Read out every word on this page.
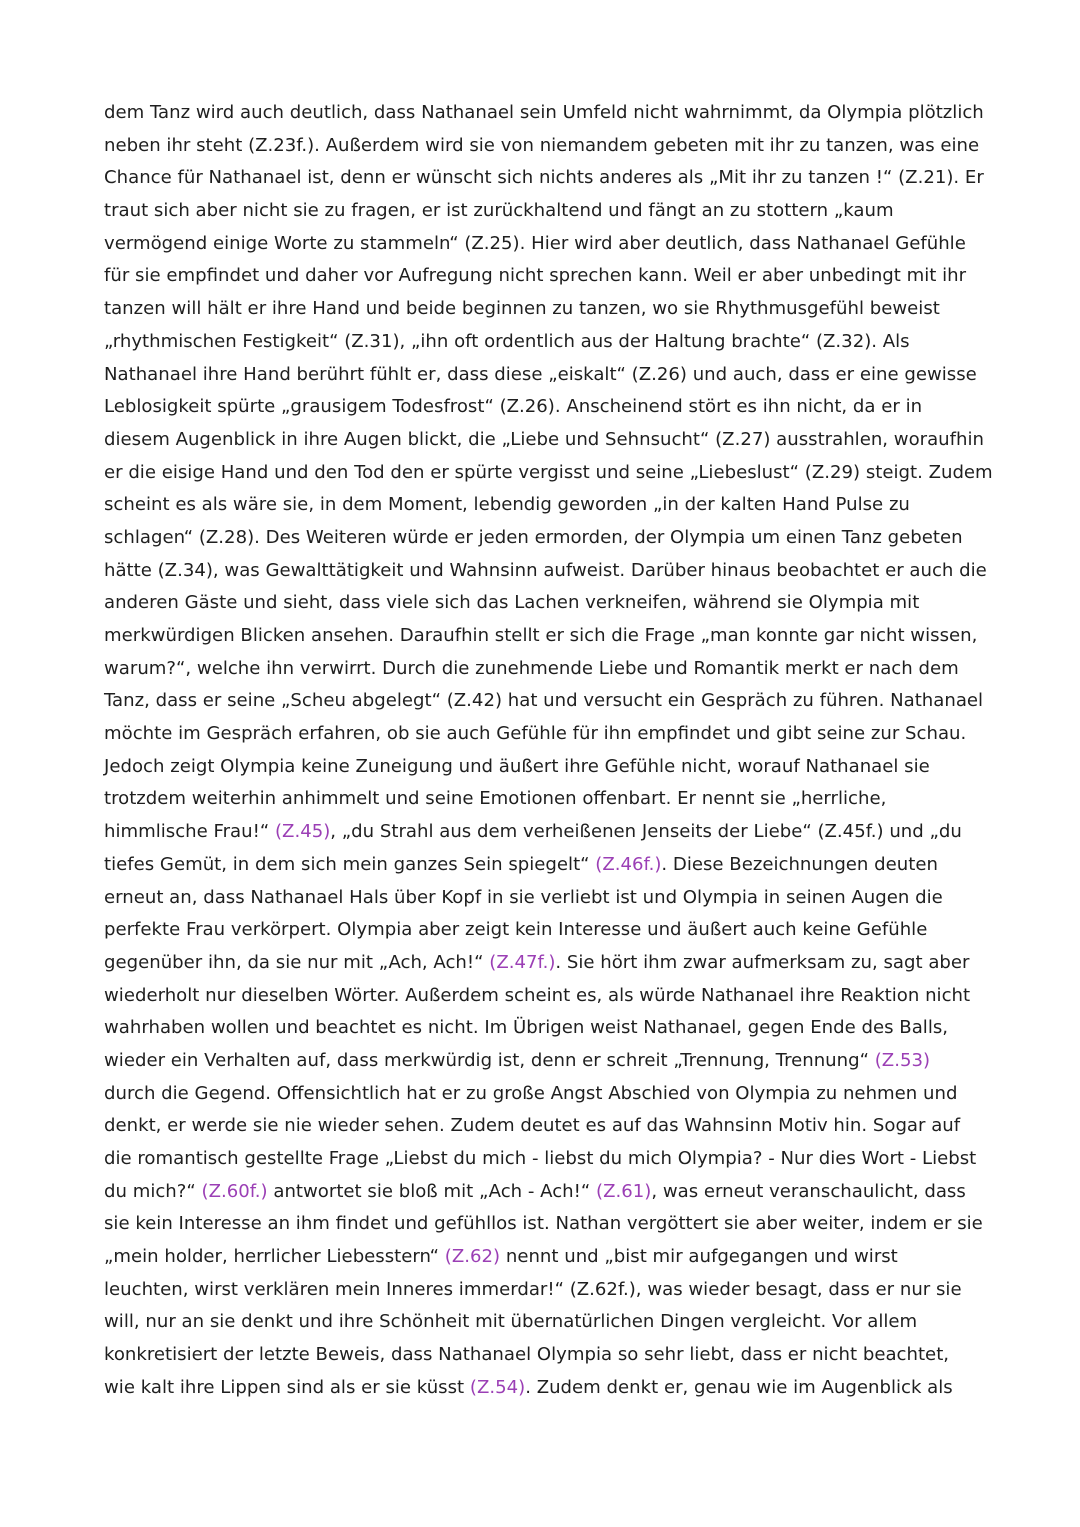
dem Tanz wird auch deutlich, dass Nathanael sein Umfeld nicht wahrnimmt, da Olympia plötzlich
neben ihr steht (Z.23f.). Außerdem wird sie von niemandem gebeten mit ihr zu tanzen, was eine
Chance für Nathanael ist, denn er wünscht sich nichts anderes als „Mit ihr zu tanzen !“ (Z.21). Er
traut sich aber nicht sie zu fragen, er ist zurückhaltend und fängt an zu stottern „kaum
vermögend einige Worte zu stammeln“ (Z.25). Hier wird aber deutlich, dass Nathanael Gefühle
für sie empfindet und daher vor Aufregung nicht sprechen kann. Weil er aber unbedingt mit ihr
tanzen will hält er ihre Hand und beide beginnen zu tanzen, wo sie Rhythmusgefühl beweist
„rhythmischen Festigkeit“ (Z.31), „ihn oft ordentlich aus der Haltung brachte“ (Z.32). Als
Nathanael ihre Hand berührt fühlt er, dass diese „eiskalt“ (Z.26) und auch, dass er eine gewisse
Leblosigkeit spürte „grausigem Todesfrost“ (Z.26). Anscheinend stört es ihn nicht, da er in
diesem Augenblick in ihre Augen blickt, die „Liebe und Sehnsucht“ (Z.27) ausstrahlen, woraufhin
er die eisige Hand und den Tod den er spürte vergisst und seine „Liebeslust“ (Z.29) steigt. Zudem
scheint es als wäre sie, in dem Moment, lebendig geworden „in der kalten Hand Pulse zu
schlagen“ (Z.28). Des Weiteren würde er jeden ermorden, der Olympia um einen Tanz gebeten
hätte (Z.34), was Gewalttätigkeit und Wahnsinn aufweist. Darüber hinaus beobachtet er auch die
anderen Gäste und sieht, dass viele sich das Lachen verkneifen, während sie Olympia mit
merkwürdigen Blicken ansehen. Daraufhin stellt er sich die Frage „man konnte gar nicht wissen,
warum?“, welche ihn verwirrt. Durch die zunehmende Liebe und Romantik merkt er nach dem
Tanz, dass er seine „Scheu abgelegt“ (Z.42) hat und versucht ein Gespräch zu führen. Nathanael
möchte im Gespräch erfahren, ob sie auch Gefühle für ihn empfindet und gibt seine zur Schau.
Jedoch zeigt Olympia keine Zuneigung und äußert ihre Gefühle nicht, worauf Nathanael sie
trotzdem weiterhin anhimmelt und seine Emotionen offenbart. Er nennt sie „herrliche,
himmlische Frau!“ (Z.45), „du Strahl aus dem verheißenen Jenseits der Liebe“ (Z.45f.) und „du
tiefes Gemüt, in dem sich mein ganzes Sein spiegelt“ (Z.46f.). Diese Bezeichnungen deuten
erneut an, dass Nathanael Hals über Kopf in sie verliebt ist und Olympia in seinen Augen die
perfekte Frau verkörpert. Olympia aber zeigt kein Interesse und äußert auch keine Gefühle
gegenüber ihn, da sie nur mit „Ach, Ach!“ (Z.47f.). Sie hört ihm zwar aufmerksam zu, sagt aber
wiederholt nur dieselben Wörter. Außerdem scheint es, als würde Nathanael ihre Reaktion nicht
wahrhaben wollen und beachtet es nicht. Im Übrigen weist Nathanael, gegen Ende des Balls,
wieder ein Verhalten auf, dass merkwürdig ist, denn er schreit „Trennung, Trennung“ (Z.53)
durch die Gegend. Offensichtlich hat er zu große Angst Abschied von Olympia zu nehmen und
denkt, er werde sie nie wieder sehen. Zudem deutet es auf das Wahnsinn Motiv hin. Sogar auf
die romantisch gestellte Frage „Liebst du mich - liebst du mich Olympia? - Nur dies Wort - Liebst
du mich?“ (Z.60f.) antwortet sie bloß mit „Ach - Ach!“ (Z.61), was erneut veranschaulicht, dass
sie kein Interesse an ihm findet und gefühllos ist. Nathan vergöttert sie aber weiter, indem er sie
„mein holder, herrlicher Liebesstern“ (Z.62) nennt und „bist mir aufgegangen und wirst
leuchten, wirst verklären mein Inneres immerdar!“ (Z.62f.), was wieder besagt, dass er nur sie
will, nur an sie denkt und ihre Schönheit mit übernatürlichen Dingen vergleicht. Vor allem
konkretisiert der letzte Beweis, dass Nathanael Olympia so sehr liebt, dass er nicht beachtet,
wie kalt ihre Lippen sind als er sie küsst (Z.54). Zudem denkt er, genau wie im Augenblick als
